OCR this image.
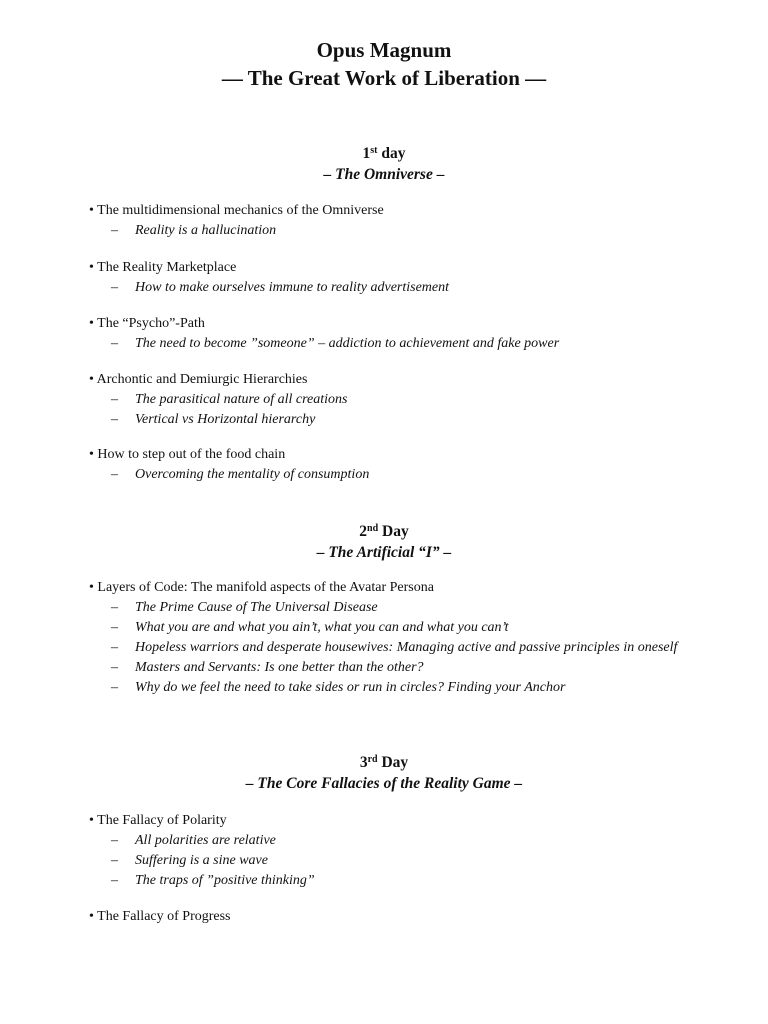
Opus Magnum

— The Great Work of Liberation —

1st day

– The Omniverse –

• The multidimensional mechanics of the Omniverse

– Reality is a hallucination

• The Reality Marketplace

– How to make ourselves immune to reality advertisement

• The “Psycho”-Path

– The need to become ”someone” – addiction to achievement and fake power

• Archontic and Demiurgic Hierarchies

– The parasitical nature of all creations
– Vertical vs Horizontal hierarchy

• How to step out of the food chain

– Overcoming the mentality of consumption

2nd Day

– The Artificial “I” –

• Layers of Code: The manifold aspects of the Avatar Persona

– The Prime Cause of The Universal Disease
– What you are and what you ain’t, what you can and what you can’t
– Hopeless warriors and desperate housewives: Managing active and passive principles in oneself
– Masters and Servants: Is one better than the other?
– Why do we feel the need to take sides or run in circles? Finding your Anchor

3rd Day

– The Core Fallacies of the Reality Game –

• The Fallacy of Polarity

– All polarities are relative
– Suffering is a sine wave
– The traps of ”positive thinking”

• The Fallacy of Progress
